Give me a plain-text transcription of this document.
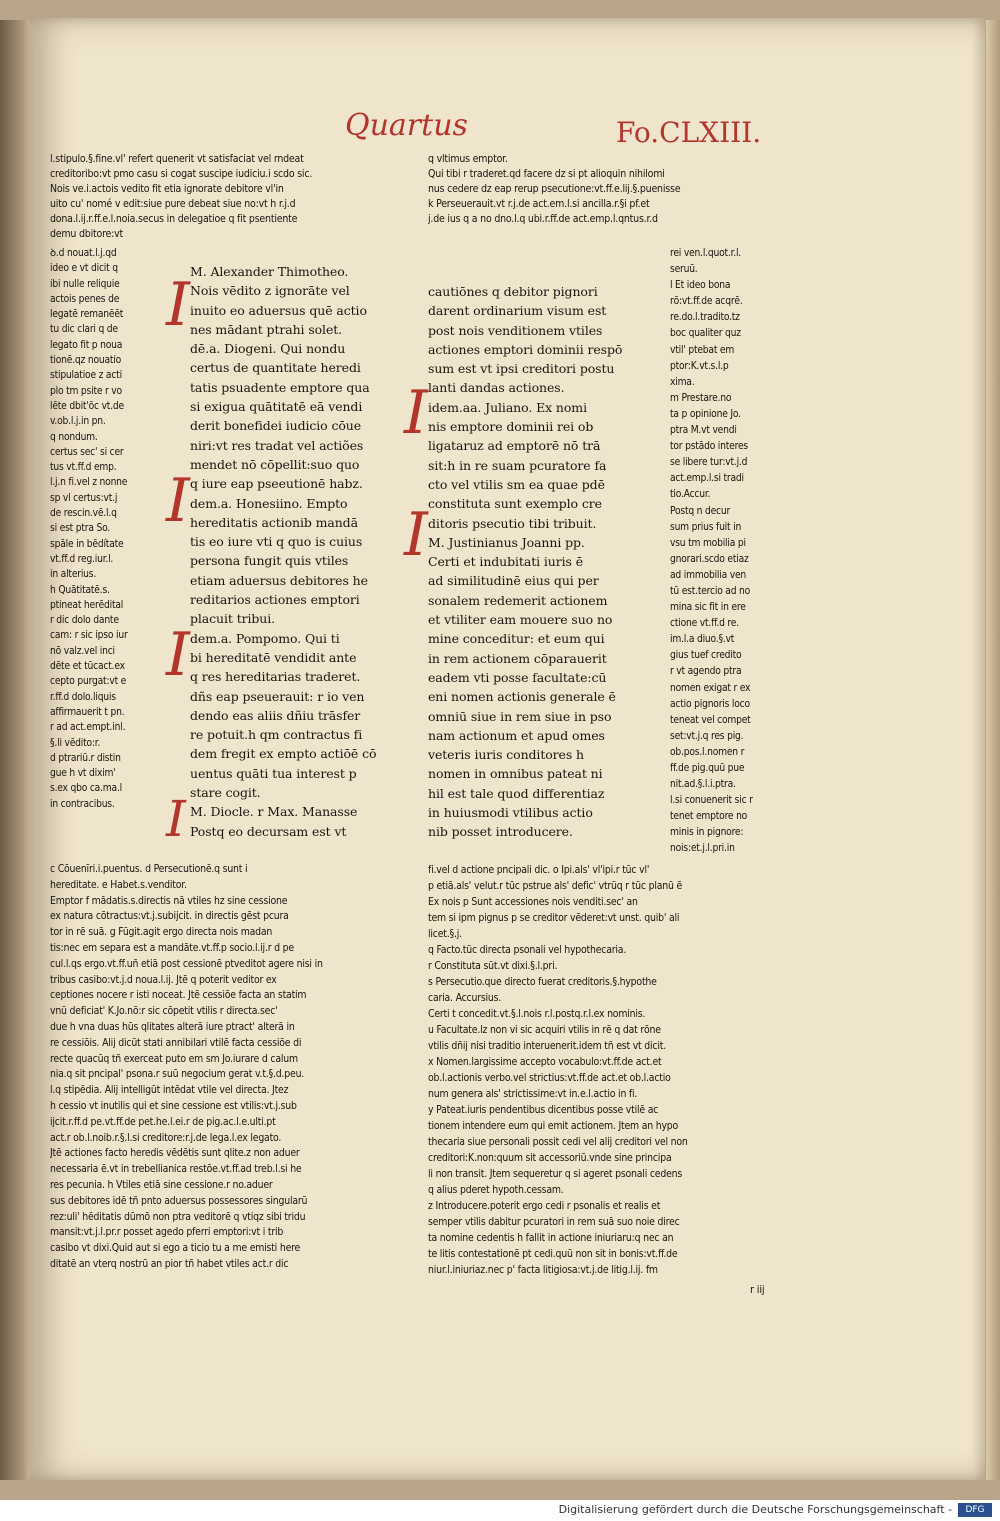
Quartus	Fo.CLXIII.
l.stipulo.§.fine.vl' refert quenerit vt satisfaciat vel rndeat
creditoribo:vt pmo casu si cogat suscipe iudiciu.i scdo sic.
Nois ve.i.actois vedito fit etia ignorate debitore vl'in
uito cu' nomé v edit:siue pure debeat siue no:vt h r.j.d
dona.l.ij.r.ff.e.l.noia.secus in delegatioe q fit psentiente
demu dbitore:vt
q vltimus emptor.
Qui tibi r traderet.qd facere dz si pt alioquin nihilomi
nus cedere dz eap rerup psecutione:vt.ff.e.lij.§.puenisse
k Perseuerauit.vt r.j.de act.em.l.si ancilla.r.§i pf.et
j.de ius q a no dno.l.q ubi.r.ff.de act.emp.l.qntus.r.d
ꝺ.d nouat.l.j.qd
ideo e vt dicit q
ibi nulle reliquie
actois penes de
legatē remanēēt
tu dic clari q de
legato fit p noua
tionē.qz nouatio
stipulatioe z acti
plo tm psite r vo
lēte dbit'ōc vt.de
v.ob.l.j.in pn.
q nondum.
certus sec' si cer
tus vt.ff.d emp.
l.j.n fi.vel z nonne
sp vl certus:vt.j
de rescin.vē.l.q
si est ptra So.
spāle in bēdítate
vt.ff.d reg.iur.l.
in alterius.
h Quātitatē.s.
ptineat herēdital
r dic dolo dante
cam: r sic ipso iur
nō valz.vel inci
dēte et tūcact.ex
cepto purgat:vt e
r.ff.d dolo.liquis
affirmauerit t pn.
r ad act.empt.inl.
§.li vēdito:r.
d ptrariū.r distin
gue h vt dixim'
s.ex qbo ca.ma.l
in contracibus.
I
I
I
I
I
I
M. Alexander Thimotheo.
Nois vēdito z ignorāte vel
inuito eo aduersus quē actio
nes mādant ptrahi solet.
dē.a. Diogeni. Qui nondu
certus de quantitate heredi
tatis psuadente emptore qua
si exigua quātitatē eā vendi
derit bonefidei iudicio cōue
niri:vt res tradat vel actiões
mendet nō cōpellit:suo quo
q iure eap pseeutionē habz.
dem.a. Honesiino. Empto
hereditatis actionib mandā
tis eo iure vti q quo is cuius
persona fungit quis vtiles
etiam aduersus debitores he
reditarios actiones emptori
placuit tribui.
dem.a. Pompomo. Qui ti
bi hereditatē vendidit ante
q res hereditarias traderet.
dñs eap pseuerauit: r io ven
dendo eas aliis dñiu trāsfer
re potuit.h qm contractus fi
dem fregit ex empto actiōē cō
uentus quāti tua interest p
stare cogit.
M. Diocle. r Max. Manasse
Postq eo decursam est vt
cautiōnes q debitor pignori
darent ordinarium visum est
post nois venditionem vtiles
actiones emptori dominii respō
sum est vt ipsi creditori postu
lanti dandas actiones.
idem.aa. Juliano. Ex nomi
nis emptore dominii rei ob
ligataruz ad emptorē nō trā
sit:h in re suam pcuratore fa
cto vel vtilis sm ea quae pdē
constituta sunt exemplo cre
ditoris psecutio tibi tribuit.
M. Justinianus Joanni pp.
Certi et indubitati iuris ē
ad similitudinē eius qui per
sonalem redemerit actionem
et vtiliter eam mouere suo no
mine conceditur: et eum qui
in rem actionem cōparauerit
eadem vti posse facultate:cū
eni nomen actionis generale ē
omniū siue in rem siue in pso
nam actionum et apud omes
veteris iuris conditores h
nomen in omnibus pateat ni
hil est tale quod differentiaz
in huiusmodi vtilibus actio
nib posset introducere.
rei ven.l.quot.r.l.
seruū.
l Et ideo bona
rō:vt.ff.de acqrē.
re.do.l.tradito.tz
boc qualiter quz
vtil' ptebat em
ptor:K.vt.s.l.p
xima.
m Prestare.no
ta p opinione Jo.
ptra M.vt vendi
tor pstādo interes
se libere tur:vt.j.d
act.emp.l.si tradi
tio.Accur.
Postq n decur
sum prius fuit in
vsu tm mobilia pi
gnorari.scdo etiaz
ad immobilia ven
tū est.tercio ad no
mina sic fit in ere
ctione vt.ff.d re.
im.l.a diuo.§.vt
gius tuef credito
r vt agendo ptra
nomen exigat r ex
actio pignoris loco
teneat vel compet
set:vt.j.q res pig.
ob.pos.l.nomen r
ff.de pig.quū pue
nit.ad.§.l.i.ptra.
l.si conuenerit sic r
tenet emptore no
minis in pignore:
nois:et.j.l.pri.in
c Cōuenīri.i.puentus. d Persecutionē.q sunt i
hereditate. e Habet.s.venditor.
Emptor f mādatis.s.directis nā vtiles hz sine cessione
ex natura cōtractus:vt.j.subijcit. in directis gēst pcura
tor in rē suā. g Fūgit.agit ergo directa nois madan
tis:nec em separa est a mandāte.vt.ff.p socio.l.ij.r d pe
cul.l.qs ergo.vt.ff.uñ etiā post cessionē ptveditot agere nisi in
tribus casibo:vt.j.d noua.l.ij. Jtē q poterit veditor ex
ceptiones nocere r isti noceat. Jtē cessiōe facta an statim
vnū deficiat' K.Jo.nō:r sic cōpetit vtilis r directa.sec'
due h vna duas hūs qlitates alterā iure ptract' alterā in
re cessiōis. Alij dicūt stati annibilari vtilē facta cessiōe di
recte quacūq tñ exerceat puto em sm Jo.iurare d calum
nia.q sit pncipal' psona.r suū negocium gerat v.t.§.d.peu.
l.q stipēdia. Alij intelligūt intēdat vtile vel directa. Jtez
h cessio vt inutilis qui et sine cessione est vtilis:vt.j.sub
ijcit.r.ff.d pe.vt.ff.de pet.he.l.ei.r de pig.ac.l.e.ulti.pt
act.r ob.l.noib.r.§.l.si creditore:r.j.de lega.l.ex legato.
Jtē actiones facto heredis vēdētis sunt qlite.z non aduer
necessaria ē.vt in trebellianica restōe.vt.ff.ad treb.l.si he
res pecunia. h Vtiles etiā sine cessione.r no.aduer
sus debitores idē tñ pnto aduersus possessores singularū
rez:uli' hēditatis dūmō non ptra veditorē q vtiqz sibi tridu
mansit:vt.j.l.pr.r posset agedo pferri emptori:vt i trib
casibo vt dixi.Quid aut si ego a ticio tu a me emisti here
ditatē an vterq nostrū an pior tñ habet vtiles act.r dic
fi.vel d actione pncipali dic. o Ipi.als' vl'ipi.r tūc vl'
p etiā.als' velut.r tūc pstrue als' defic' vtrūq r tūc planū ē
Ex nois p Sunt accessiones nois venditi.sec' an
tem si ipm pignus p se creditor vēderet:vt unst. quib' ali
licet.§.j.
q Facto.tūc directa psonali vel hypothecaria.
r Constituta sūt.vt dixi.§.l.pri.
s Persecutio.que directo fuerat creditoris.§.hypothe
caria. Accursius.
Certi t concedit.vt.§.l.nois r.l.postq.r.l.ex nominis.
u Facultate.lz non vi sic acquiri vtilis in rē q dat rōne
vtilis dñij nisi traditio interuenerit.idem tñ est vt dicit.
x Nomen.largissime accepto vocabulo:vt.ff.de act.et
ob.l.actionis verbo.vel strictius:vt.ff.de act.et ob.l.actio
num genera als' strictissime:vt in.e.l.actio in fi.
y Pateat.iuris pendentibus dicentibus posse vtilē ac
tionem intendere eum qui emit actionem. Jtem an hypo
thecaria siue personali possit cedi vel alij creditori vel non
creditori:K.non:quum sit accessoriū.vnde sine principa
li non transit. Jtem sequeretur q si ageret psonali cedens
q alius pderet hypoth.cessam.
z Introducere.poterit ergo cedi r psonalis et realis et
semper vtilis dabitur pcuratori in rem suā suo noie direc
ta nomine cedentis h fallit in actione iniuriaru:q nec an
te litis contestationē pt cedi.quū non sit in bonis:vt.ff.de
niur.l.iniuriaz.nec p' facta litigiosa:vt.j.de litig.l.ij. fm
r iij
Digitalisierung gefördert durch die Deutsche Forschungsgemeinschaft -	DFG
